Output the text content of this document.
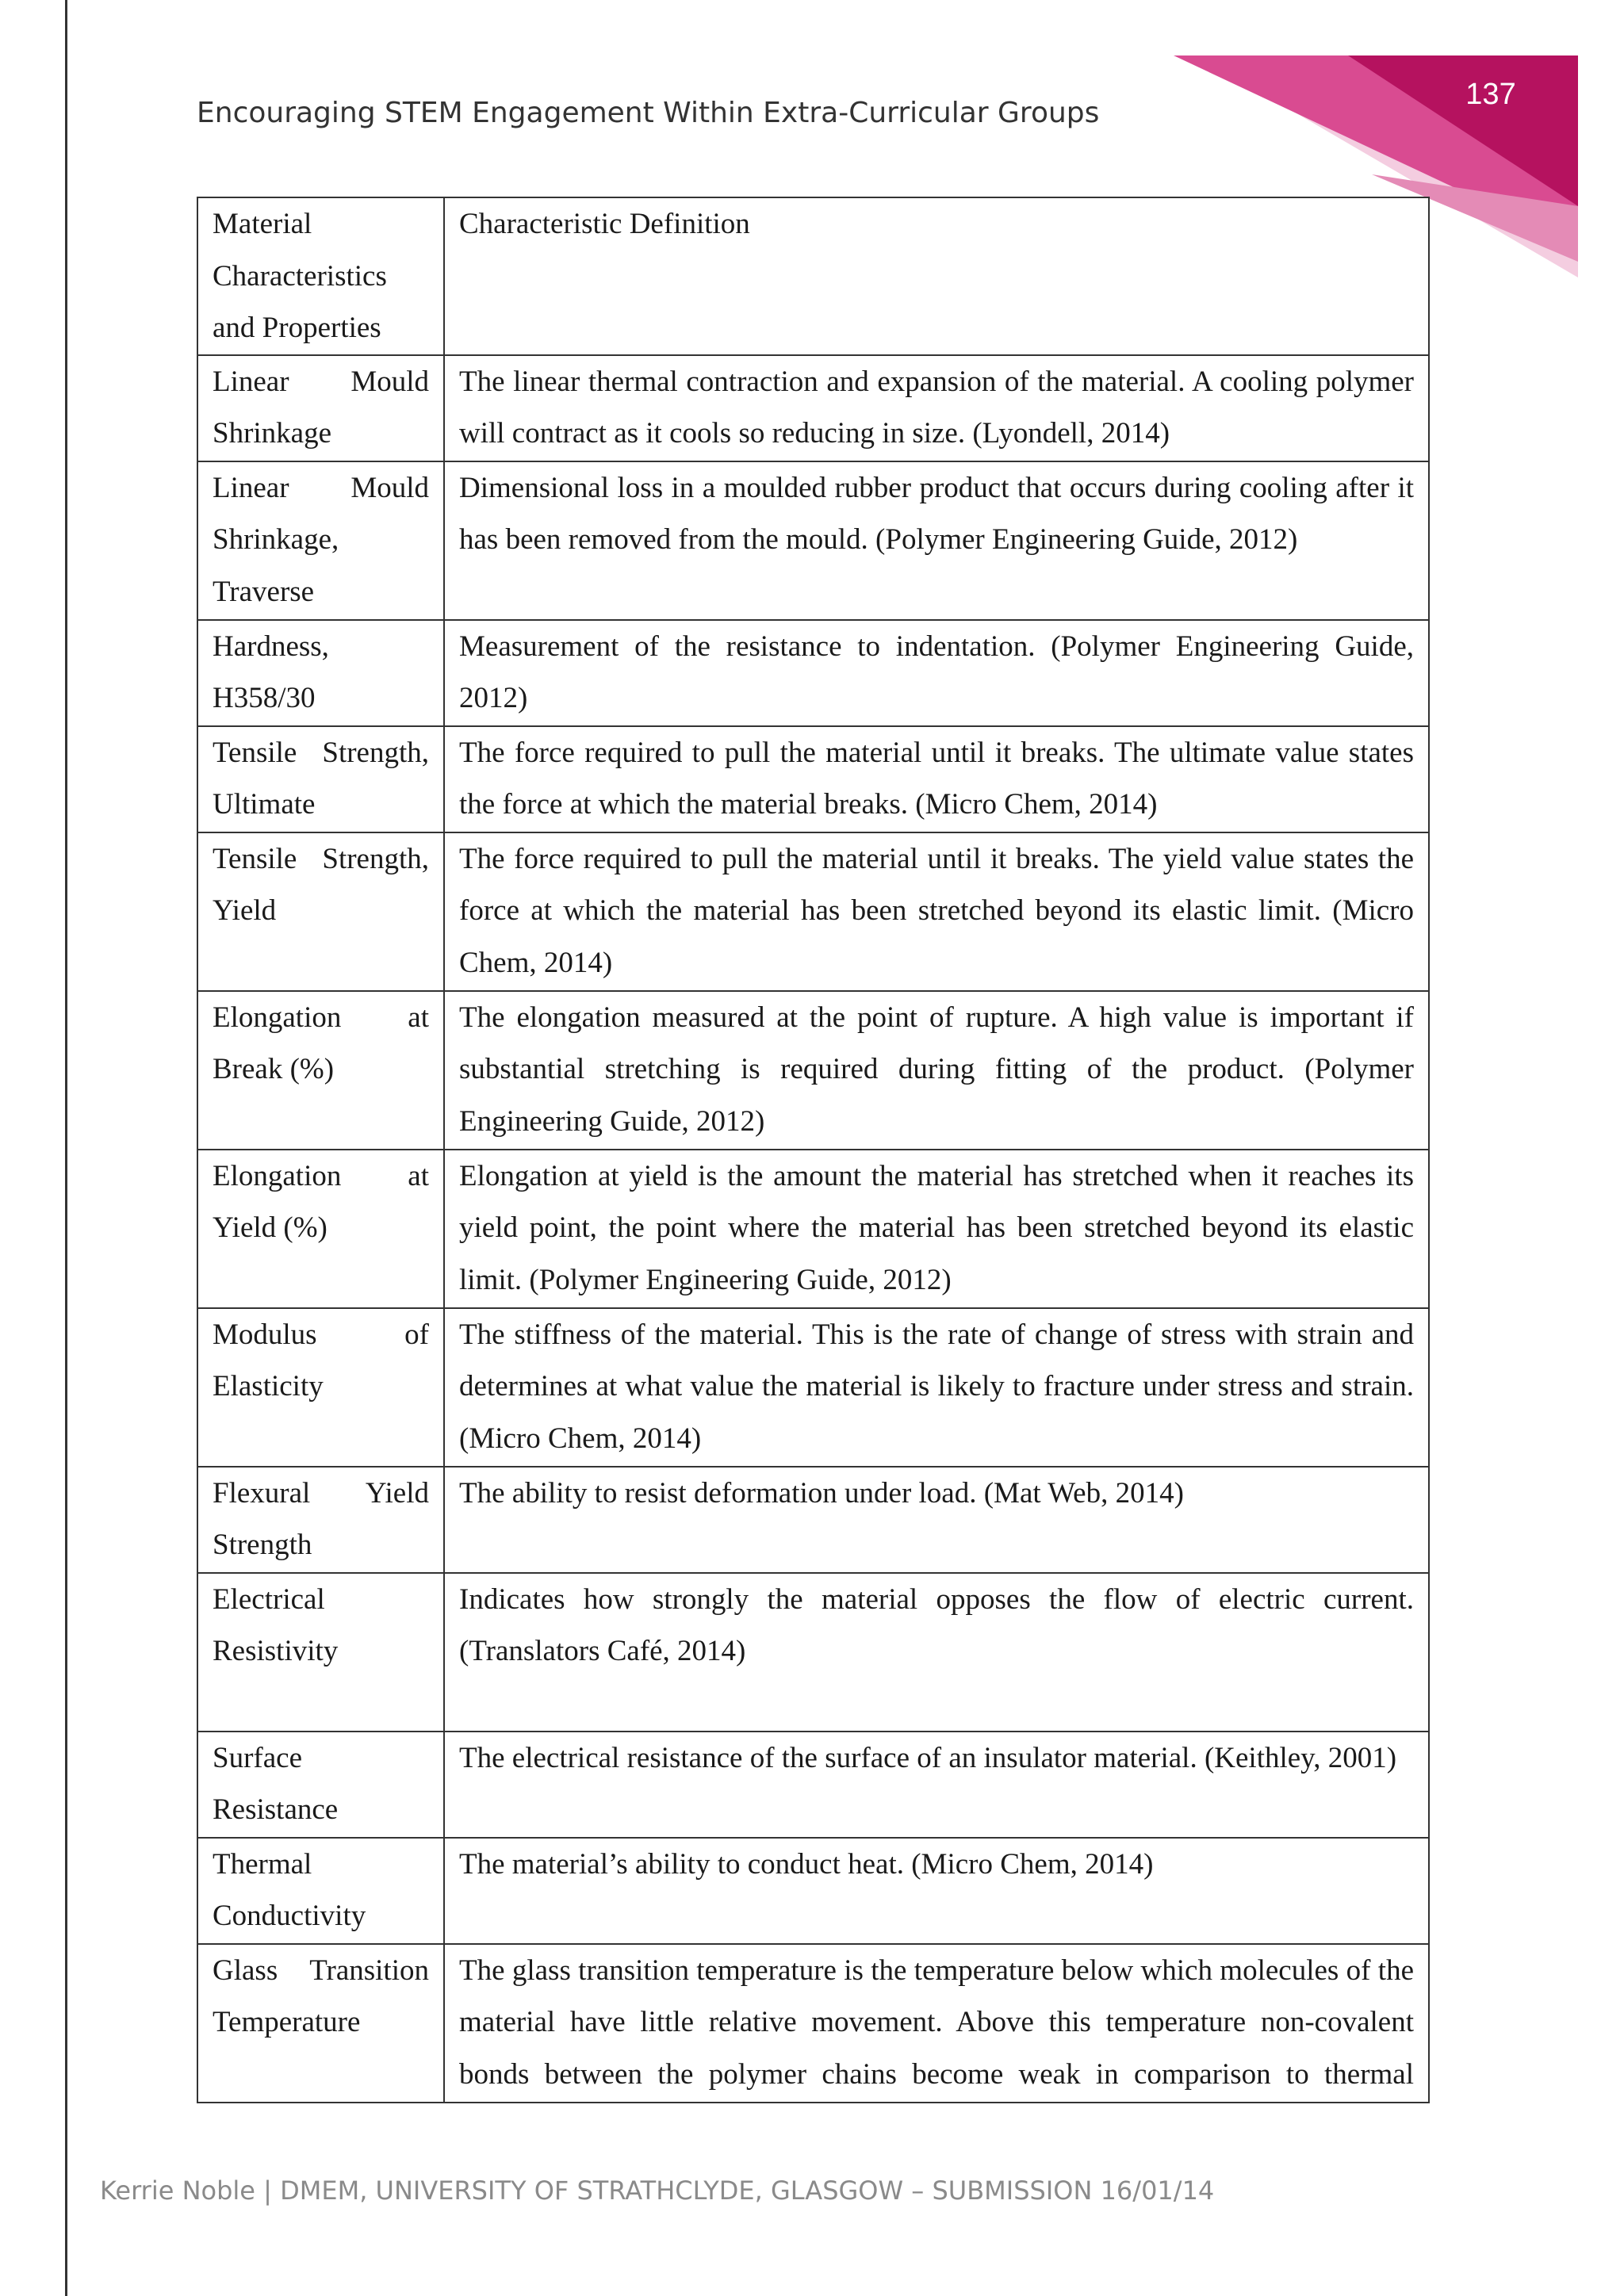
137
Encouraging STEM Engagement Within Extra-Curricular Groups
Material Characteristics and Properties	Characteristic Definition
Linear Mould Shrinkage	The linear thermal contraction and expansion of the material. A cooling polymer will contract as it cools so reducing in size. (Lyondell, 2014)
Linear Mould Shrinkage, Traverse	Dimensional loss in a moulded rubber product that occurs during cooling after it has been removed from the mould. (Polymer Engineering Guide, 2012)
Hardness, H358/30	Measurement of the resistance to indentation. (Polymer Engineering Guide, 2012)
Tensile Strength, Ultimate	The force required to pull the material until it breaks. The ultimate value states the force at which the material breaks. (Micro Chem, 2014)
Tensile Strength, Yield	The force required to pull the material until it breaks. The yield value states the force at which the material has been stretched beyond its elastic limit. (Micro Chem, 2014)
Elongation at Break (%)	The elongation measured at the point of rupture. A high value is important if substantial stretching is required during fitting of the product. (Polymer Engineering Guide, 2012)
Elongation at Yield (%)	Elongation at yield is the amount the material has stretched when it reaches its yield point, the point where the material has been stretched beyond its elastic limit. (Polymer Engineering Guide, 2012)
Modulus of Elasticity	The stiffness of the material. This is the rate of change of stress with strain and determines at what value the material is likely to fracture under stress and strain. (Micro Chem, 2014)
Flexural Yield Strength	The ability to resist deformation under load. (Mat Web, 2014)
Electrical Resistivity	Indicates how strongly the material opposes the flow of electric current. (Translators Café, 2014)
Surface Resistance	The electrical resistance of the surface of an insulator material. (Keithley, 2001)
Thermal Conductivity	The material’s ability to conduct heat. (Micro Chem, 2014)
Glass Transition Temperature	The glass transition temperature is the temperature below which molecules of the material have little relative movement. Above this temperature non-covalent bonds between the polymer chains become weak in comparison to thermal
Kerrie Noble | DMEM, UNIVERSITY OF STRATHCLYDE, GLASGOW – SUBMISSION 16/01/14
